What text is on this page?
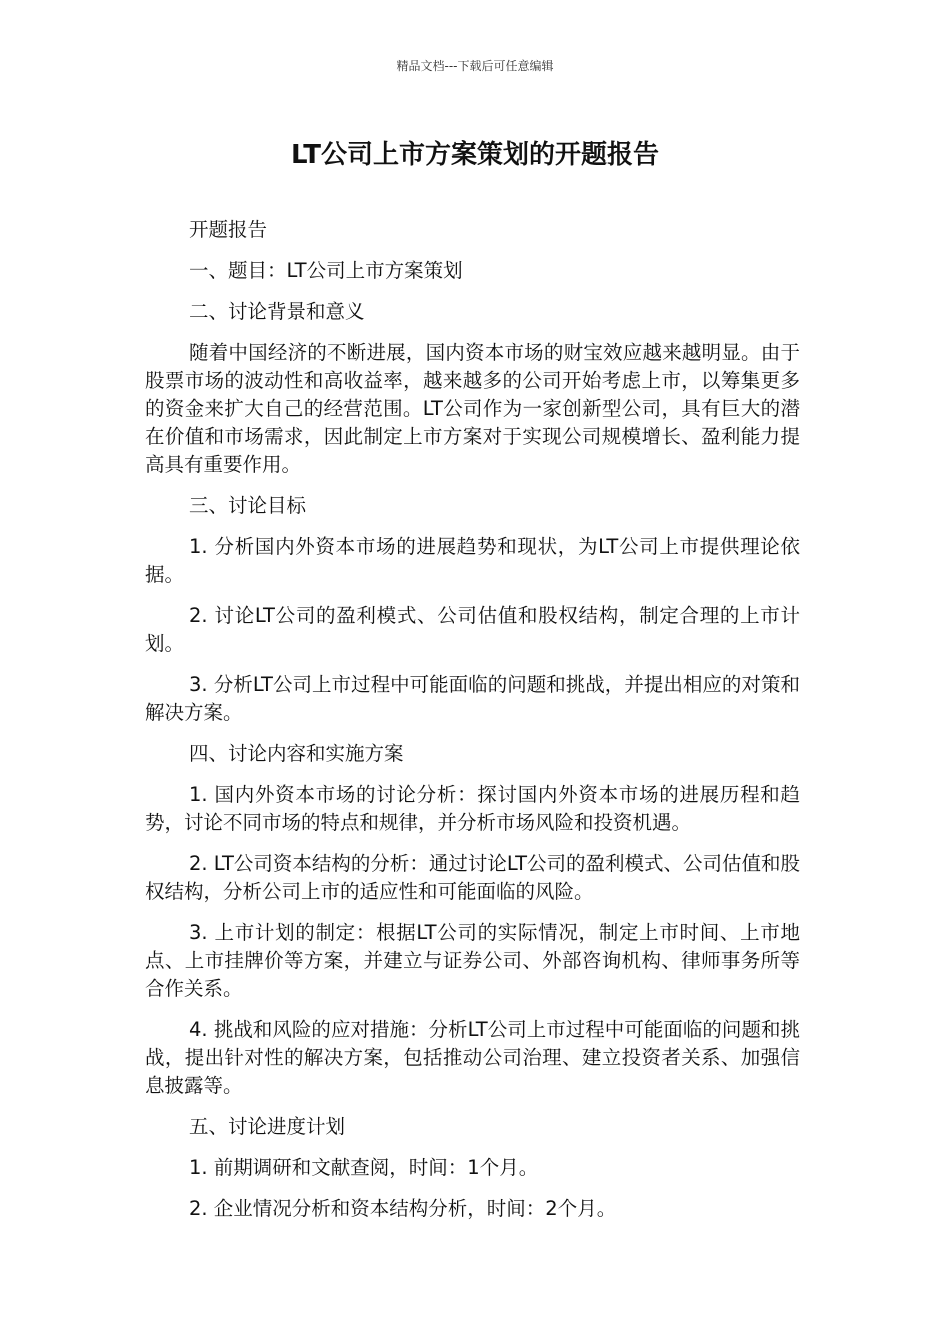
精品文档---下载后可任意编辑
LT公司上市方案策划的开题报告

开题报告

一、题目：LT公司上市方案策划

二、讨论背景和意义

随着中国经济的不断进展，国内资本市场的财宝效应越来越明显。由于股票市场的波动性和高收益率，越来越多的公司开始考虑上市，以筹集更多的资金来扩大自己的经营范围。LT公司作为一家创新型公司，具有巨大的潜在价值和市场需求，因此制定上市方案对于实现公司规模增长、盈利能力提高具有重要作用。

三、讨论目标

1. 分析国内外资本市场的进展趋势和现状，为LT公司上市提供理论依据。

2. 讨论LT公司的盈利模式、公司估值和股权结构，制定合理的上市计划。

3. 分析LT公司上市过程中可能面临的问题和挑战，并提出相应的对策和解决方案。

四、讨论内容和实施方案

1. 国内外资本市场的讨论分析：探讨国内外资本市场的进展历程和趋势，讨论不同市场的特点和规律，并分析市场风险和投资机遇。

2. LT公司资本结构的分析：通过讨论LT公司的盈利模式、公司估值和股权结构，分析公司上市的适应性和可能面临的风险。

3. 上市计划的制定：根据LT公司的实际情况，制定上市时间、上市地点、上市挂牌价等方案，并建立与证券公司、外部咨询机构、律师事务所等合作关系。

4. 挑战和风险的应对措施：分析LT公司上市过程中可能面临的问题和挑战，提出针对性的解决方案，包括推动公司治理、建立投资者关系、加强信息披露等。

五、讨论进度计划

1. 前期调研和文献查阅，时间：1个月。

2. 企业情况分析和资本结构分析，时间：2个月。
